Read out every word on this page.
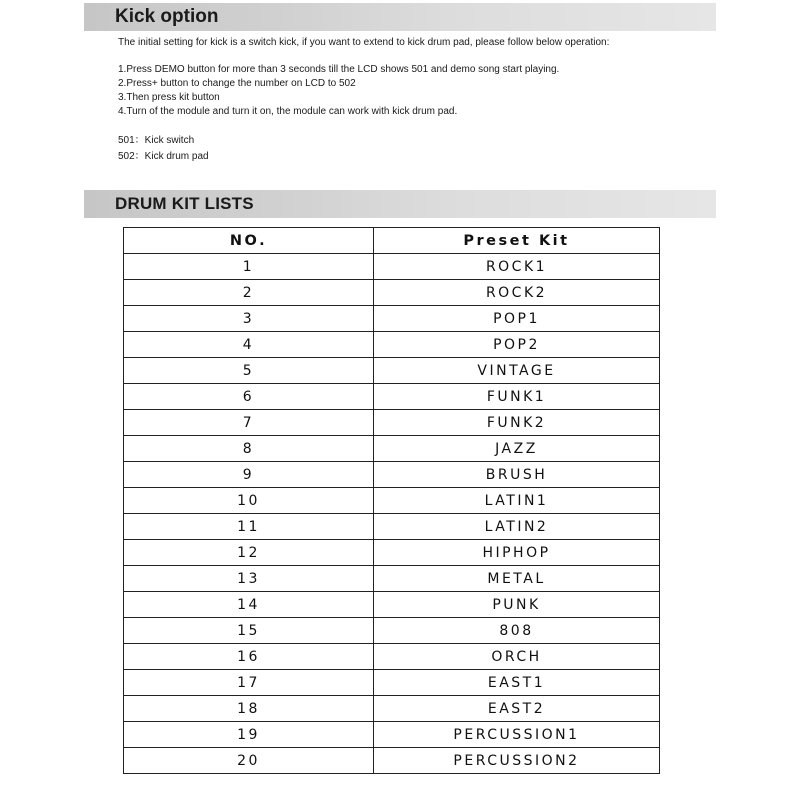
Kick option
The initial setting for kick is a switch kick, if you want to extend to kick drum pad, please follow below operation:
1.Press DEMO button for more than 3 seconds till the LCD shows 501 and demo song start playing.
2.Press+ button to change the number on LCD to 502
3.Then press kit button
4.Turn of the module and turn it on, the module can work with kick drum pad.
501：Kick switch
502：Kick drum pad
DRUM KIT LISTS
NO.	Preset Kit
1	ROCK1
2	ROCK2
3	POP1
4	POP2
5	VINTAGE
6	FUNK1
7	FUNK2
8	JAZZ
9	BRUSH
10	LATIN1
11	LATIN2
12	HIPHOP
13	METAL
14	PUNK
15	808
16	ORCH
17	EAST1
18	EAST2
19	PERCUSSION1
20	PERCUSSION2
